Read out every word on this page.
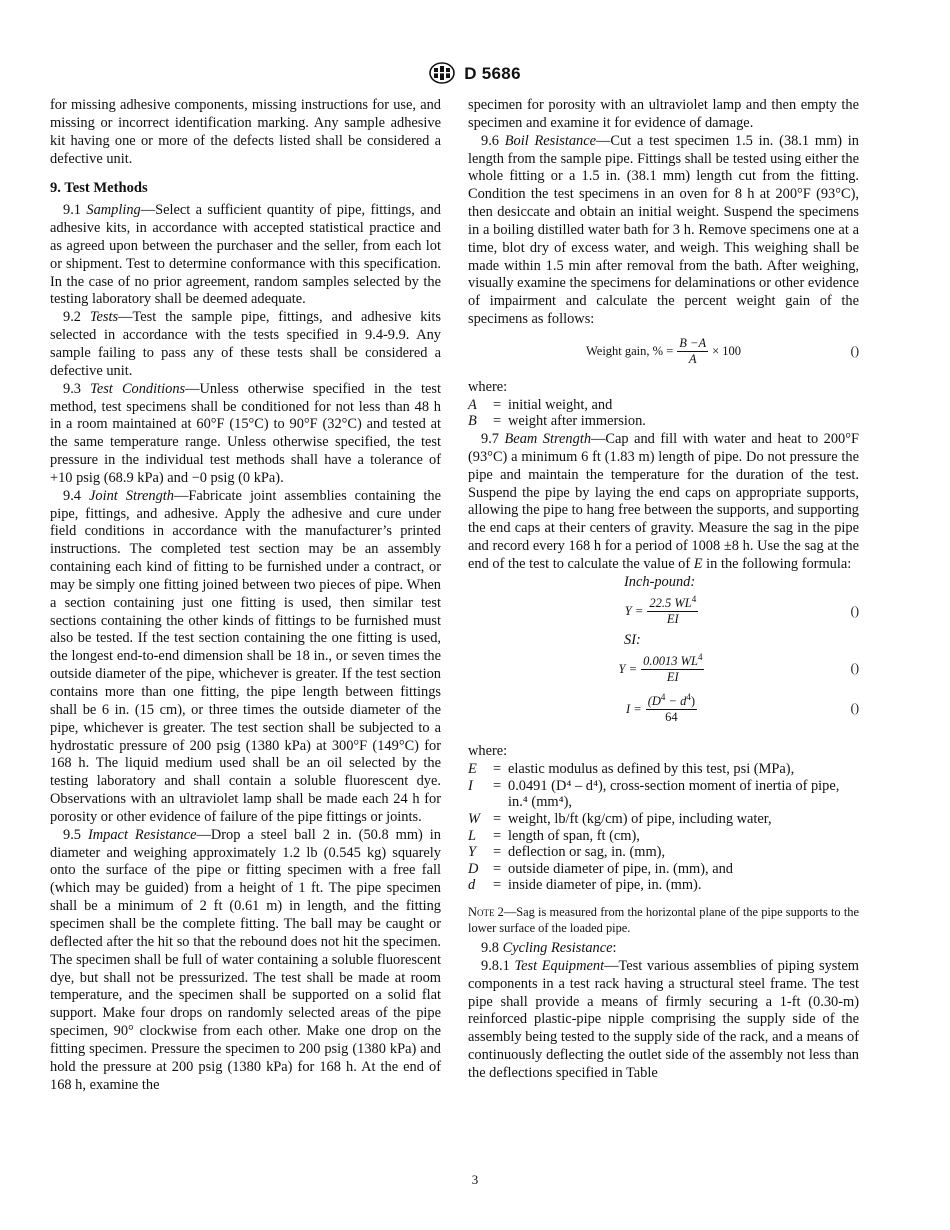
D 5686

for missing adhesive components, missing instructions for use, and missing or incorrect identification marking. Any sample adhesive kit having one or more of the defects listed shall be considered a defective unit.

9. Test Methods

9.1 Sampling—Select a sufficient quantity of pipe, fittings, and adhesive kits, in accordance with accepted statistical practice and as agreed upon between the purchaser and the seller, from each lot or shipment. Test to determine conformance with this specification. In the case of no prior agreement, random samples selected by the testing laboratory shall be deemed adequate.

9.2 Tests—Test the sample pipe, fittings, and adhesive kits selected in accordance with the tests specified in 9.4-9.9. Any sample failing to pass any of these tests shall be considered a defective unit.

9.3 Test Conditions—Unless otherwise specified in the test method, test specimens shall be conditioned for not less than 48 h in a room maintained at 60°F (15°C) to 90°F (32°C) and tested at the same temperature range. Unless otherwise specified, the test pressure in the individual test methods shall have a tolerance of +10 psig (68.9 kPa) and −0 psig (0 kPa).

9.4 Joint Strength—Fabricate joint assemblies containing the pipe, fittings, and adhesive. Apply the adhesive and cure under field conditions in accordance with the manufacturer’s printed instructions. The completed test section may be an assembly containing each kind of fitting to be furnished under a contract, or may be simply one fitting joined between two pieces of pipe. When a section containing just one fitting is used, then similar test sections containing the other kinds of fittings to be furnished must also be tested. If the test section containing the one fitting is used, the longest end-to-end dimension shall be 18 in., or seven times the outside diameter of the pipe, whichever is greater. If the test section contains more than one fitting, the pipe length between fittings shall be 6 in. (15 cm), or three times the outside diameter of the pipe, whichever is greater. The test section shall be subjected to a hydrostatic pressure of 200 psig (1380 kPa) at 300°F (149°C) for 168 h. The liquid medium used shall be an oil selected by the testing laboratory and shall contain a soluble fluorescent dye. Observations with an ultraviolet lamp shall be made each 24 h for porosity or other evidence of failure of the pipe fittings or joints.

9.5 Impact Resistance—Drop a steel ball 2 in. (50.8 mm) in diameter and weighing approximately 1.2 lb (0.545 kg) squarely onto the surface of the pipe or fitting specimen with a free fall (which may be guided) from a height of 1 ft. The pipe specimen shall be a minimum of 2 ft (0.61 m) in length, and the fitting specimen shall be the complete fitting. The ball may be caught or deflected after the hit so that the rebound does not hit the specimen. The specimen shall be full of water containing a soluble fluorescent dye, but shall not be pressurized. The test shall be made at room temperature, and the specimen shall be supported on a solid flat support. Make four drops on randomly selected areas of the pipe specimen, 90° clockwise from each other. Make one drop on the fitting specimen. Pressure the specimen to 200 psig (1380 kPa) and hold the pressure at 200 psig (1380 kPa) for 168 h. At the end of 168 h, examine the

specimen for porosity with an ultraviolet lamp and then empty the specimen and examine it for evidence of damage.

9.6 Boil Resistance—Cut a test specimen 1.5 in. (38.1 mm) in length from the sample pipe. Fittings shall be tested using either the whole fitting or a 1.5 in. (38.1 mm) length cut from the fitting. Condition the test specimens in an oven for 8 h at 200°F (93°C), then desiccate and obtain an initial weight. Suspend the specimens in a boiling distilled water bath for 3 h. Remove specimens one at a time, blot dry of excess water, and weigh. This weighing shall be made within 1.5 min after removal from the bath. After weighing, visually examine the specimens for delaminations or other evidence of impairment and calculate the percent weight gain of the specimens as follows:

Weight gain, % = $\frac{B -A}{A} \times 100$	()
where:
A	=	initial weight, and
B	=	weight after immersion.

9.7 Beam Strength—Cap and fill with water and heat to 200°F (93°C) a minimum 6 ft (1.83 m) length of pipe. Do not pressure the pipe and maintain the temperature for the duration of the test. Suspend the pipe by laying the end caps on appropriate supports, allowing the pipe to hang free between the supports, and supporting the end caps at their centers of gravity. Measure the sag in the pipe and record every 168 h for a period of 1008 ±8 h. Use the sag at the end of the test to calculate the value of E in the following formula:

Inch-pound:
$Y = \frac{22.5 WL^4}{EI}$	()
SI:
$Y = \frac{0.0013 WL^4}{EI}$	()
$I = \frac{(D^4 - d^4)}{64}$	()
where:
E	=	elastic modulus as defined by this test, psi (MPa),
I	=	0.0491 (D⁴ – d⁴), cross-section moment of inertia of pipe, in.⁴ (mm⁴),
W	=	weight, lb/ft (kg/cm) of pipe, including water,
L	=	length of span, ft (cm),
Y	=	deflection or sag, in. (mm),
D	=	outside diameter of pipe, in. (mm), and
d	=	inside diameter of pipe, in. (mm).

Note 2—Sag is measured from the horizontal plane of the pipe supports to the lower surface of the loaded pipe.

9.8 Cycling Resistance:

9.8.1 Test Equipment—Test various assemblies of piping system components in a test rack having a structural steel frame. The test pipe shall provide a means of firmly securing a 1-ft (0.30-m) reinforced plastic-pipe nipple comprising the supply side of the assembly being tested to the supply side of the rack, and a means of continuously deflecting the outlet side of the assembly not less than the deflections specified in Table

3
